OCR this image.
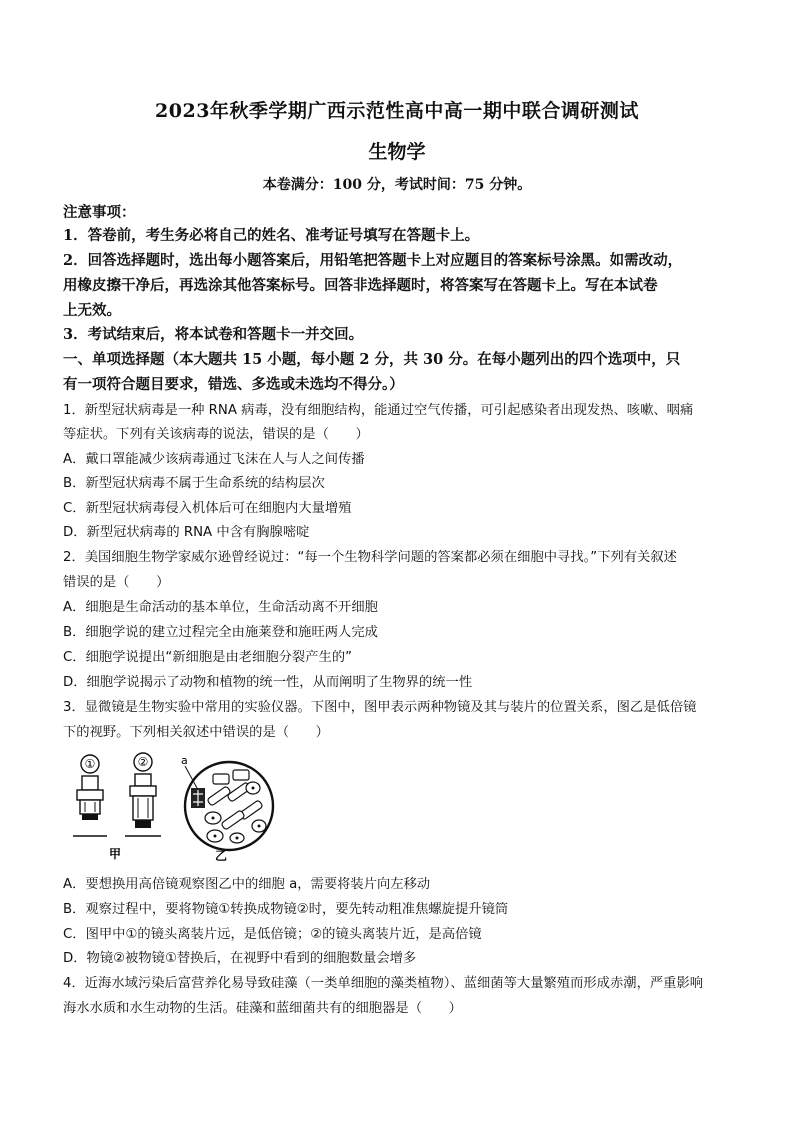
2023年秋季学期广西示范性高中高一期中联合调研测试
生物学
本卷满分：100 分，考试时间：75 分钟。
注意事项：
1．答卷前，考生务必将自己的姓名、准考证号填写在答题卡上。
2．回答选择题时，选出每小题答案后，用铅笔把答题卡上对应题目的答案标号涂黑。如需改动，
用橡皮擦干净后，再选涂其他答案标号。回答非选择题时，将答案写在答题卡上。写在本试卷
上无效。
3．考试结束后，将本试卷和答题卡一并交回。
一、单项选择题（本大题共 15 小题，每小题 2 分，共 30 分。在每小题列出的四个选项中，只
有一项符合题目要求，错选、多选或未选均不得分。）
1．新型冠状病毒是一种 RNA 病毒，没有细胞结构，能通过空气传播，可引起感染者出现发热、咳嗽、咽痛
等症状。下列有关该病毒的说法，错误的是（　　）
A．戴口罩能减少该病毒通过飞沫在人与人之间传播
B．新型冠状病毒不属于生命系统的结构层次
C．新型冠状病毒侵入机体后可在细胞内大量增殖
D．新型冠状病毒的 RNA 中含有胸腺嘧啶
2．美国细胞生物学家威尔逊曾经说过：“每一个生物科学问题的答案都必须在细胞中寻找。”下列有关叙述
错误的是（　　）
A．细胞是生命活动的基本单位，生命活动离不开细胞
B．细胞学说的建立过程完全由施莱登和施旺两人完成
C．细胞学说提出“新细胞是由老细胞分裂产生的”
D．细胞学说揭示了动物和植物的统一性，从而阐明了生物界的统一性
3．显微镜是生物实验中常用的实验仪器。下图中，图甲表示两种物镜及其与装片的位置关系，图乙是低倍镜
下的视野。下列相关叙述中错误的是（　　）
①	②
甲
a
乙
A．要想换用高倍镜观察图乙中的细胞 a，需要将装片向左移动
B．观察过程中，要将物镜①转换成物镜②时，要先转动粗准焦螺旋提升镜筒
C．图甲中①的镜头离装片远，是低倍镜；②的镜头离装片近，是高倍镜
D．物镜②被物镜①替换后，在视野中看到的细胞数量会增多
4．近海水域污染后富营养化易导致硅藻（一类单细胞的藻类植物）、蓝细菌等大量繁殖而形成赤潮，严重影响
海水水质和水生动物的生活。硅藻和蓝细菌共有的细胞器是（　　）
